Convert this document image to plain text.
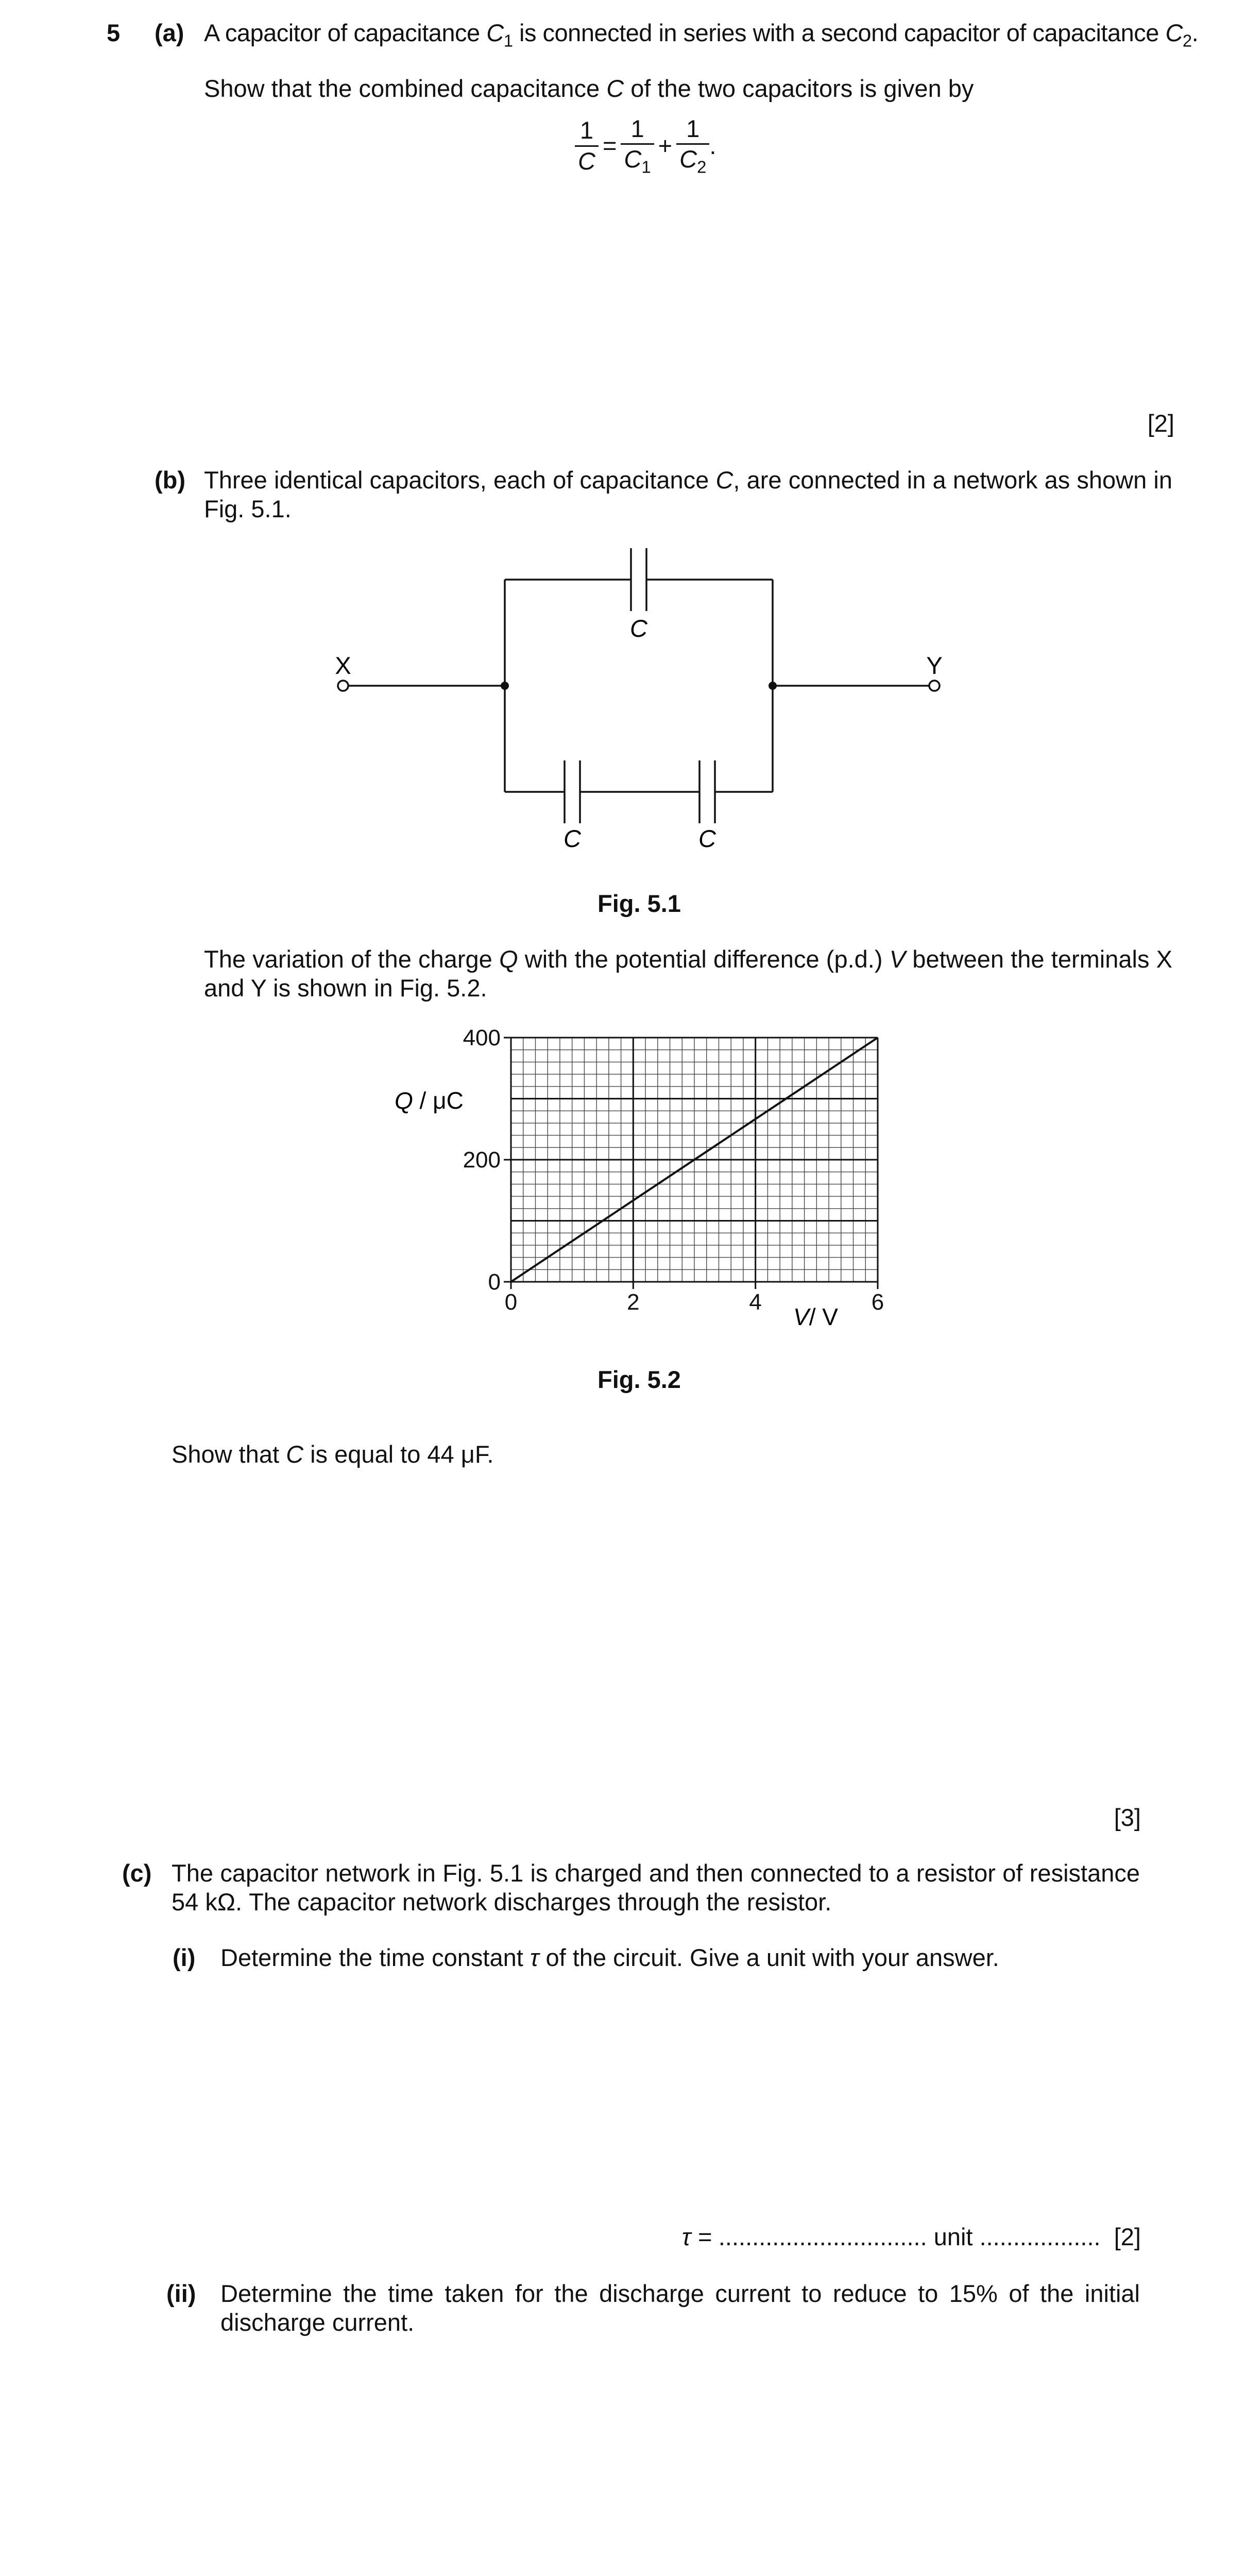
5 (a) A capacitor of capacitance $C_1$ is connected in series with a second capacitor of capacitance $C_2$.
Show that the combined capacitance C of the two capacitors is given by
$\frac{1}{C} = \frac{1}{C_1} + \frac{1}{C_2}$ .
[2]
(b) Three identical capacitors, each of capacitance C, are connected in a network as shown in Fig. 5.1.
X	Y
C
C	C
Fig. 5.1
The variation of the charge Q with the potential difference (p.d.) V between the terminals X and Y is shown in Fig. 5.2.
0	2	4	6
0
200
400
Q / μC
V/ V
Fig. 5.2
Show that C is equal to 44 μF.
[3]
(c) The capacitor network in Fig. 5.1 is charged and then connected to a resistor of resistance 54 kΩ. The capacitor network discharges through the resistor.
(i) Determine the time constant τ of the circuit. Give a unit with your answer.
τ = ............................... unit .................. [2]
(ii) Determine the time taken for the discharge current to reduce to 15% of the initial discharge current.
